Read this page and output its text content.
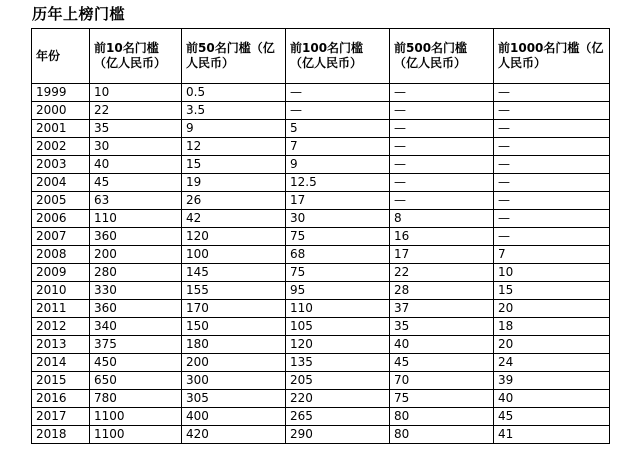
历年上榜门槛
年份	前10名门槛（亿人民币）	前50名门槛（亿人民币）	前100名门槛（亿人民币）	前500名门槛（亿人民币）	前1000名门槛（亿人民币）
1999	10	0.5	—	—	—
2000	22	3.5	—	—	—
2001	35	9	5	—	—
2002	30	12	7	—	—
2003	40	15	9	—	—
2004	45	19	12.5	—	—
2005	63	26	17	—	—
2006	110	42	30	8	—
2007	360	120	75	16	—
2008	200	100	68	17	7
2009	280	145	75	22	10
2010	330	155	95	28	15
2011	360	170	110	37	20
2012	340	150	105	35	18
2013	375	180	120	40	20
2014	450	200	135	45	24
2015	650	300	205	70	39
2016	780	305	220	75	40
2017	1100	400	265	80	45
2018	1100	420	290	80	41
